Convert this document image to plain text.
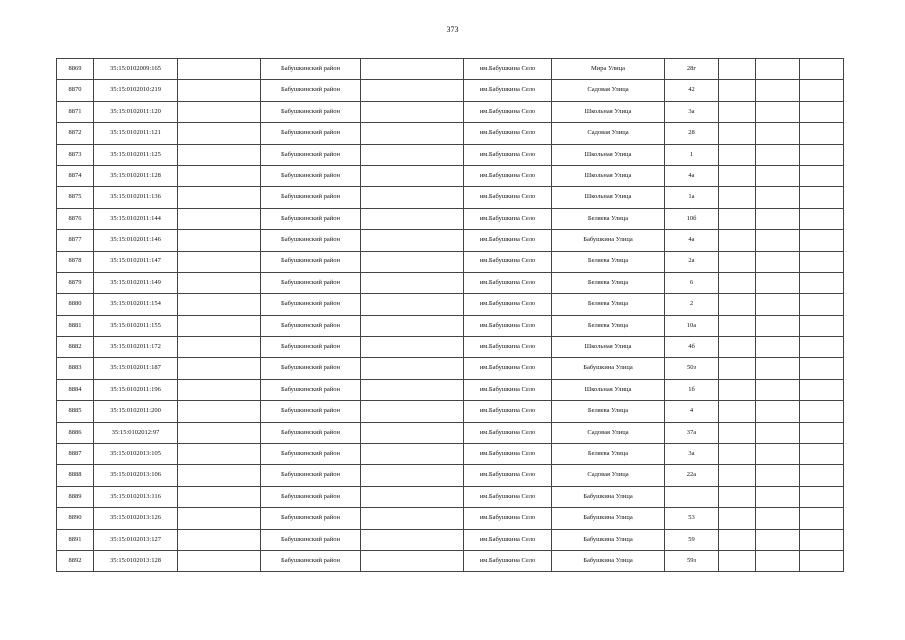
373
8869	35:15:0102009:165		Бабушкинский район		им.Бабушкина Село	Мира Улица	28г			
8870	35:15:0102010:219		Бабушкинский район		им.Бабушкина Село	Садовая Улица	42			
8871	35:15:0102011:120		Бабушкинский район		им.Бабушкина Село	Школьная Улица	3а			
8872	35:15:0102011:121		Бабушкинский район		им.Бабушкина Село	Садовая Улица	28			
8873	35:15:0102011:125		Бабушкинский район		им.Бабушкина Село	Школьная Улица	1			
8874	35:15:0102011:128		Бабушкинский район		им.Бабушкина Село	Школьная Улица	4а			
8875	35:15:0102011:136		Бабушкинский район		им.Бабушкина Село	Школьная Улица	1а			
8876	35:15:0102011:144		Бабушкинский район		им.Бабушкина Село	Беляева Улица	10б			
8877	35:15:0102011:146		Бабушкинский район		им.Бабушкина Село	Бабушкина Улица	4а			
8878	35:15:0102011:147		Бабушкинский район		им.Бабушкина Село	Беляева Улица	2а			
8879	35:15:0102011:149		Бабушкинский район		им.Бабушкина Село	Беляева Улица	6			
8880	35:15:0102011:154		Бабушкинский район		им.Бабушкина Село	Беляева Улица	2			
8881	35:15:0102011:155		Бабушкинский район		им.Бабушкина Село	Беляева Улица	10а			
8882	35:15:0102011:172		Бабушкинский район		им.Бабушкина Село	Школьная Улица	4б			
8883	35:15:0102011:187		Бабушкинский район		им.Бабушкина Село	Бабушкина Улица	50з			
8884	35:15:0102011:196		Бабушкинский район		им.Бабушкина Село	Школьная Улица	1б			
8885	35:15:0102011:200		Бабушкинский район		им.Бабушкина Село	Беляева Улица	4			
8886	35:15:0102012:97		Бабушкинский район		им.Бабушкина Село	Садовая Улица	37а			
8887	35:15:0102013:105		Бабушкинский район		им.Бабушкина Село	Беляева Улица	3а			
8888	35:15:0102013:106		Бабушкинский район		им.Бабушкина Село	Садовая Улица	22а			
8889	35:15:0102013:116		Бабушкинский район		им.Бабушкина Село	Бабушкина Улица				
8890	35:15:0102013:126		Бабушкинский район		им.Бабушкина Село	Бабушкина Улица	53			
8891	35:15:0102013:127		Бабушкинский район		им.Бабушкина Село	Бабушкина Улица	59			
8892	35:15:0102013:128		Бабушкинский район		им.Бабушкина Село	Бабушкина Улица	59з			
